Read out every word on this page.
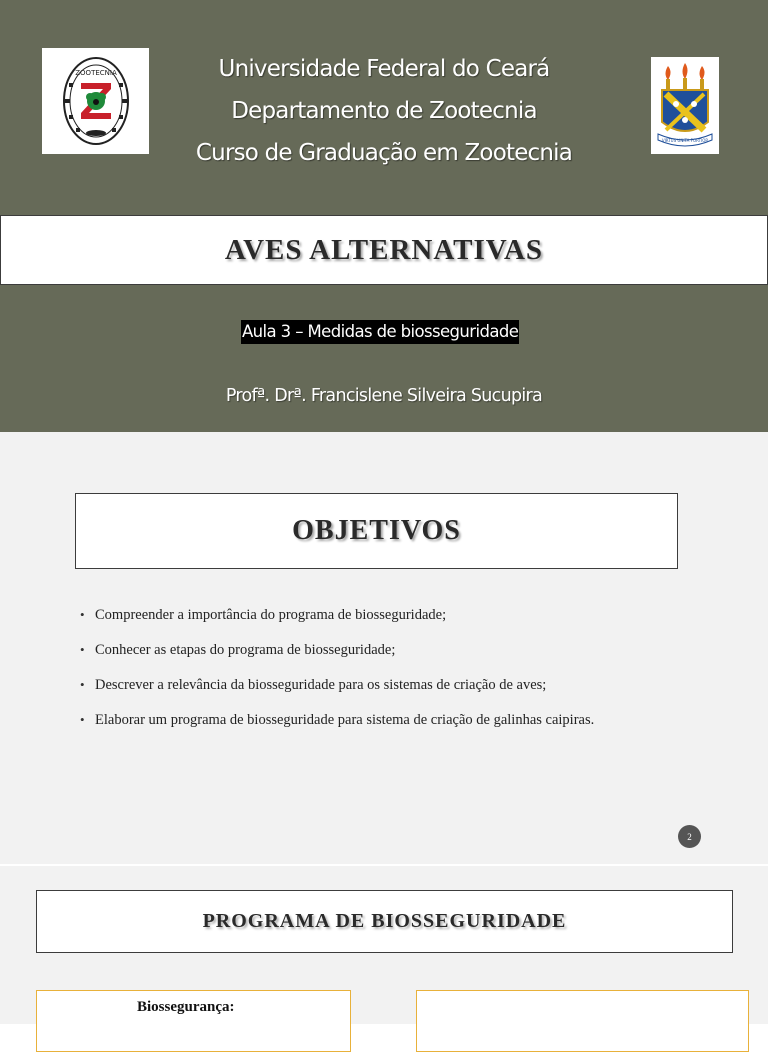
ZOOTECNIA	Universidade Federal do Ceará
Departamento de Zootecnia
Curso de Graduação em Zootecnia	VIRTUS UNITA FORTIOR
AVES ALTERNATIVAS
Aula 3 – Medidas de biosseguridade
Profª. Drª. Francislene Silveira Sucupira
OBJETIVOS
• Compreender a importância do programa de biosseguridade;
• Conhecer as etapas do programa de biosseguridade;
• Descrever a relevância da biosseguridade para os sistemas de criação de aves;
• Elaborar um programa de biosseguridade para sistema de criação de galinhas caipiras.
2
PROGRAMA DE BIOSSEGURIDADE
Biossegurança:
